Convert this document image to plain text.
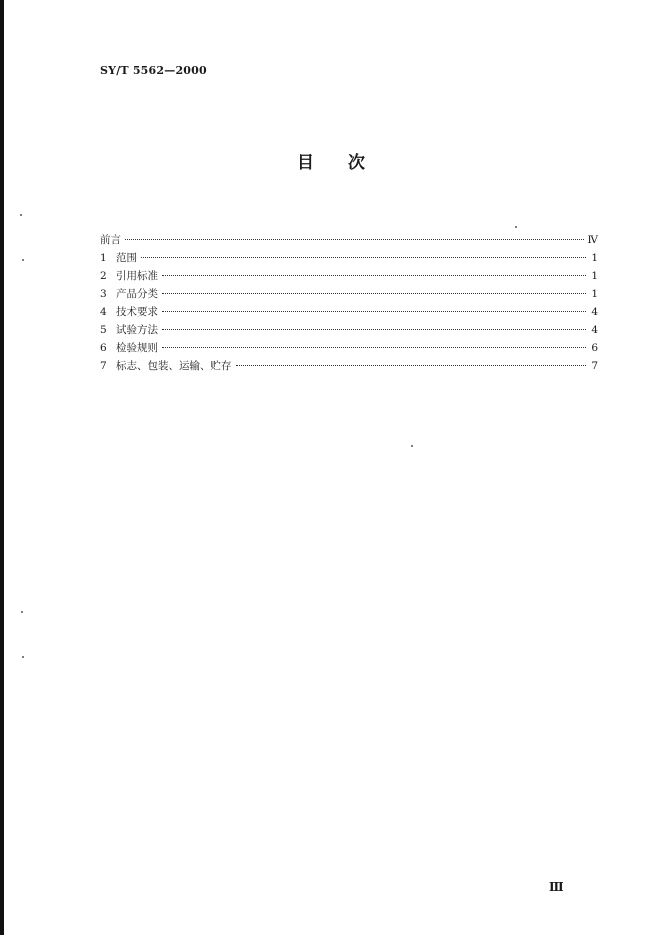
SY/T 5562—2000
目 次
前言	Ⅳ
1 范围	1
2 引用标准	1
3 产品分类	1
4 技术要求	4
5 试验方法	4
6 检验规则	6
7 标志、包装、运输、贮存	7
Ⅲ
